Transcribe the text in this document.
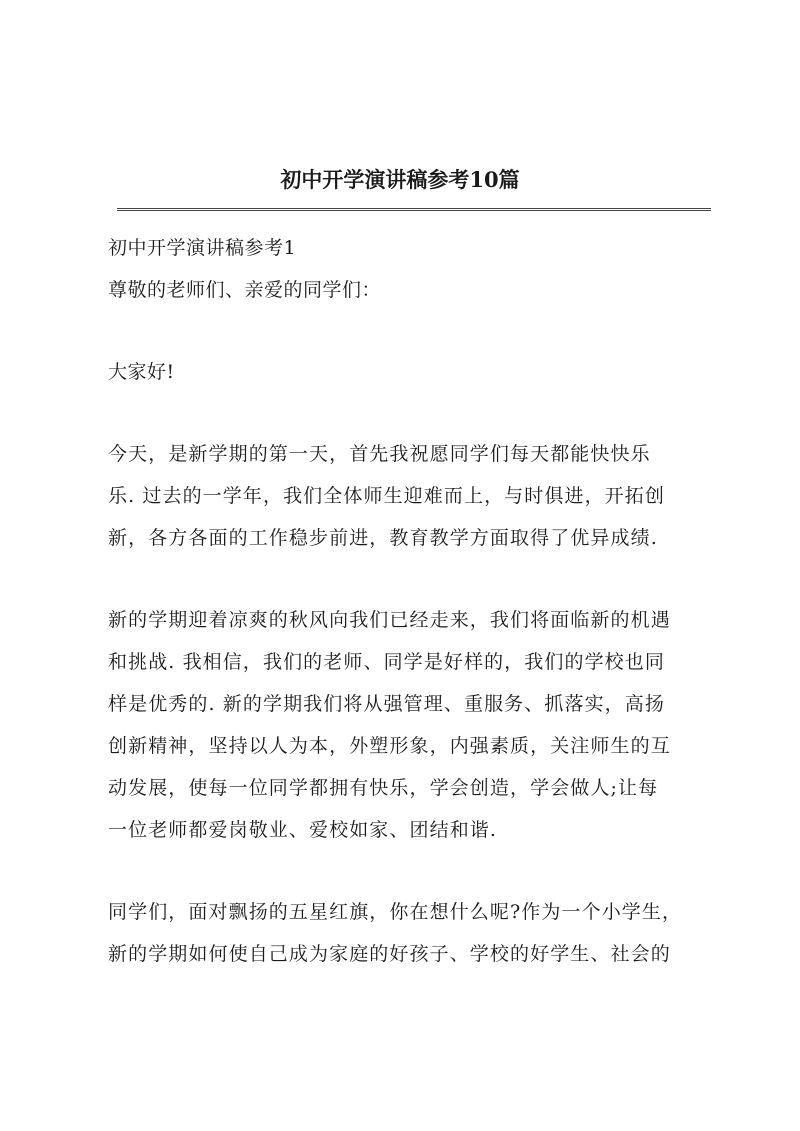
初中开学演讲稿参考10篇
初中开学演讲稿参考1
尊敬的老师们、亲爱的同学们：
大家好!
今天，是新学期的第一天，首先我祝愿同学们每天都能快快乐
乐. 过去的一学年，我们全体师生迎难而上，与时俱进，开拓创
新，各方各面的工作稳步前进，教育教学方面取得了优异成绩.
新的学期迎着凉爽的秋风向我们已经走来，我们将面临新的机遇
和挑战. 我相信，我们的老师、同学是好样的，我们的学校也同
样是优秀的. 新的学期我们将从强管理、重服务、抓落实，高扬
创新精神，坚持以人为本，外塑形象，内强素质，关注师生的互
动发展，使每一位同学都拥有快乐，学会创造，学会做人;让每
一位老师都爱岗敬业、爱校如家、团结和谐.
同学们，面对飘扬的五星红旗，你在想什么呢?作为一个小学生，
新的学期如何使自己成为家庭的好孩子、学校的好学生、社会的
